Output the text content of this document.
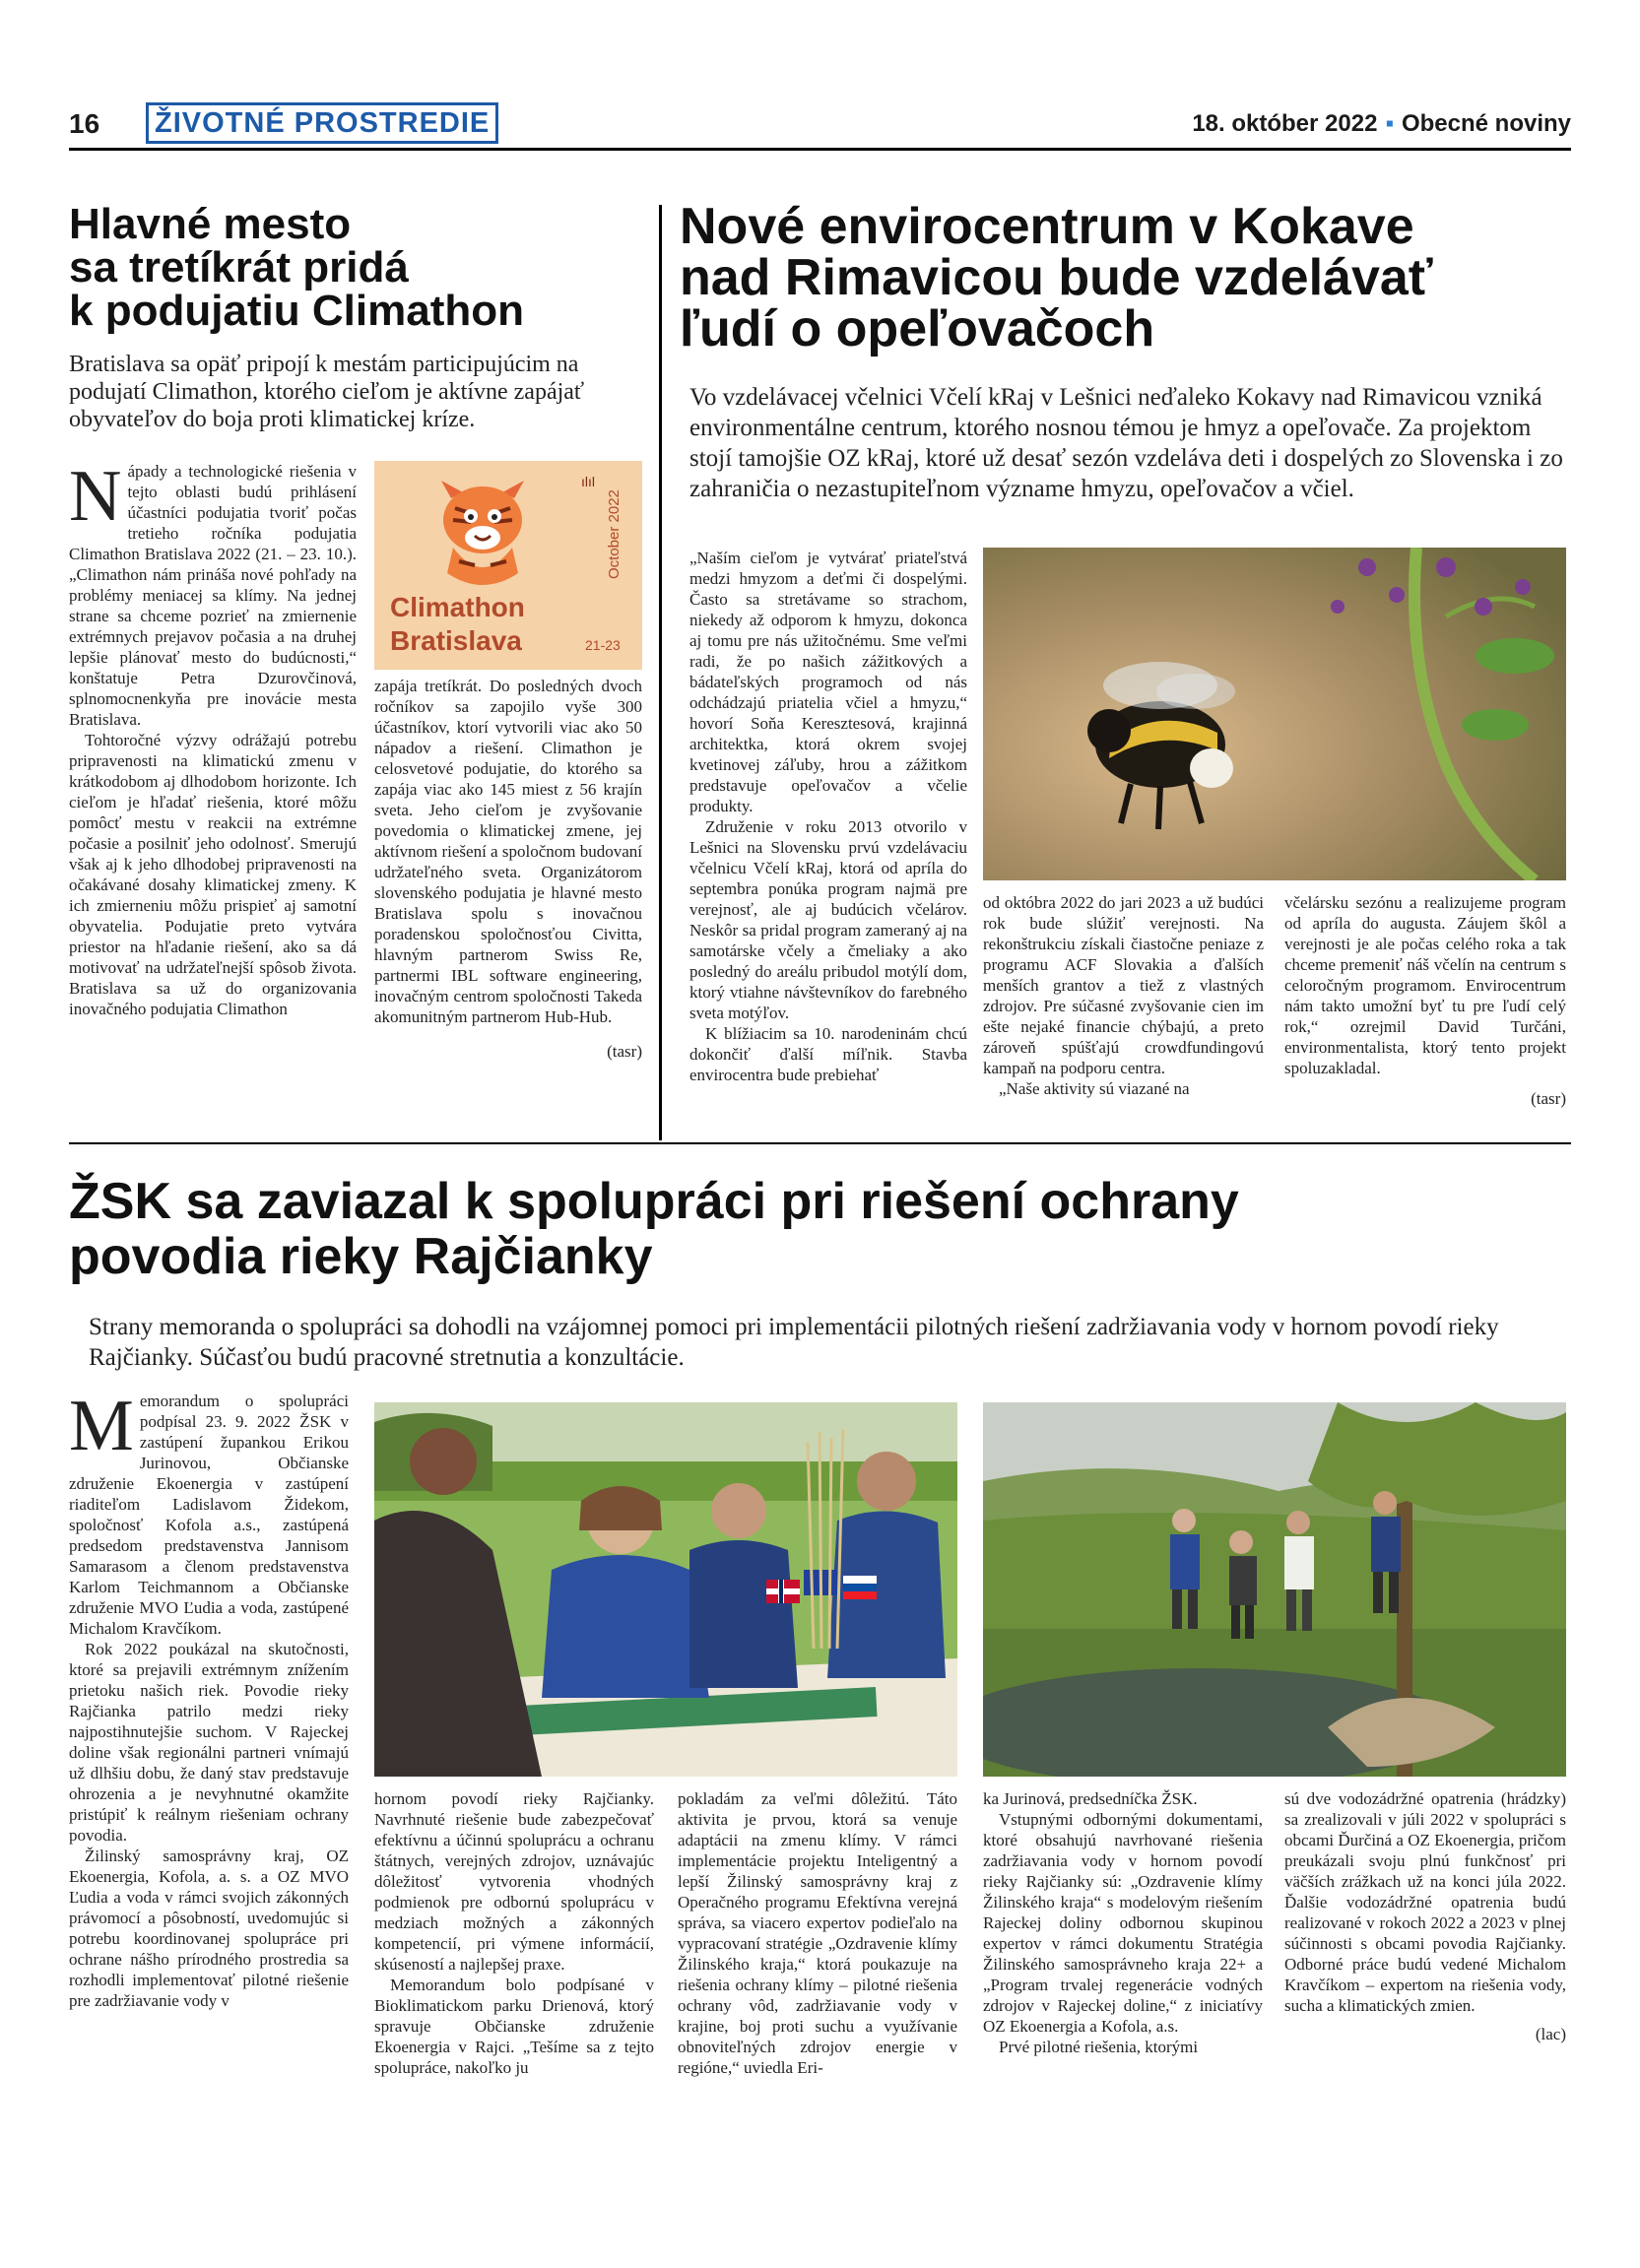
16	ŽIVOTNÉ PROSTREDIE	18. október 2022 ▪ Obecné noviny
Hlavné mesto
sa tretíkrát pridá
k podujatiu Climathon
Bratislava sa opäť pripojí k mestám participujúcim na podujatí Climathon, ktorého cieľom je aktívne zapájať obyvateľov do boja proti klimatickej kríze.

Nápady a technologické riešenia v tejto oblasti budú prihlásení účastníci podujatia tvoriť počas tretieho ročníka podujatia Climathon Bratislava 2022 (21. – 23. 10.). „Climathon nám prináša nové pohľady na problémy meniacej sa klímy. Na jednej strane sa chceme pozrieť na zmiernenie extrémnych prejavov počasia a na druhej lepšie plánovať mesto do budúcnosti,“ konštatuje Petra Dzurovčinová, splnomocnenkyňa pre inovácie mesta Bratislava.

Tohtoročné výzvy odrážajú potrebu pripravenosti na klimatickú zmenu v krátkodobom aj dlhodobom horizonte. Ich cieľom je hľadať riešenia, ktoré môžu pomôcť mestu v reakcii na extrémne počasie a posilniť jeho odolnosť. Smerujú však aj k jeho dlhodobej pripravenosti na očakávané dosahy klimatickej zmeny. K ich zmierneniu môžu prispieť aj samotní obyvatelia. Podujatie preto vytvára priestor na hľadanie riešení, ako sa dá motivovať na udržateľnejší spôsob života. Bratislava sa už do organizovania inovačného podujatia Climathon

ılıl
October 2022
Climathon
Bratislava	21-23

zapája tretíkrát. Do posledných dvoch ročníkov sa zapojilo vyše 300 účastníkov, ktorí vytvorili viac ako 50 nápadov a riešení. Climathon je celosvetové podujatie, do ktorého sa zapája viac ako 145 miest z 56 krajín sveta. Jeho cieľom je zvyšovanie povedomia o klimatickej zmene, jej aktívnom riešení a spoločnom budovaní udržateľného sveta. Organizátorom slovenského podujatia je hlavné mesto Bratislava spolu s inovačnou poradenskou spoločnosťou Civitta, hlavným partnerom Swiss Re, partnermi IBL software engineering, inovačným centrom spoločnosti Takeda akomunitným partnerom Hub-Hub.

(tasr)
Nové envirocentrum v Kokave
nad Rimavicou bude vzdelávať
ľudí o opeľovačoch
Vo vzdelávacej včelnici Včelí kRaj v Lešnici neďaleko Kokavy nad Rimavicou vzniká environmentálne centrum, ktorého nosnou témou je hmyz a opeľovače. Za projektom stojí tamojšie OZ kRaj, ktoré už desať sezón vzdeláva deti i dospelých zo Slovenska i zo zahraničia o nezastupiteľnom význame hmyzu, opeľovačov a včiel.

„Naším cieľom je vytvárať priateľstvá medzi hmyzom a deťmi či dospelými. Často sa stretávame so strachom, niekedy až odporom k hmyzu, dokonca aj tomu pre nás užitočnému. Sme veľmi radi, že po našich zážitkových a bádateľských programoch od nás odchádzajú priatelia včiel a hmyzu,“ hovorí Soňa Keresztesová, krajinná architektka, ktorá okrem svojej kvetinovej záľuby, hrou a zážitkom predstavuje opeľovačov a včelie produkty.

Združenie v roku 2013 otvorilo v Lešnici na Slovensku prvú vzdelávaciu včelnicu Včelí kRaj, ktorá od apríla do septembra ponúka program najmä pre verejnosť, ale aj budúcich včelárov. Neskôr sa pridal program zameraný aj na samotárske včely a čmeliaky a ako posledný do areálu pribudol motýlí dom, ktorý vtiahne návštevníkov do farebného sveta motýľov.

K blížiacim sa 10. narodeninám chcú dokončiť ďalší míľnik. Stavba envirocentra bude prebiehať

od októbra 2022 do jari 2023 a už budúci rok bude slúžiť verejnosti. Na rekonštrukciu získali čiastočne peniaze z programu ACF Slovakia a ďalších menších grantov a tiež z vlastných zdrojov. Pre súčasné zvyšovanie cien im ešte nejaké financie chýbajú, a preto zároveň spúšťajú crowdfundingovú kampaň na podporu centra.

„Naše aktivity sú viazané na

včelársku sezónu a realizujeme program od apríla do augusta. Záujem škôl a verejnosti je ale počas celého roka a tak chceme premeniť náš včelín na centrum s celoročným programom. Envirocentrum nám takto umožní byť tu pre ľudí celý rok,“ ozrejmil David Turčáni, environmentalista, ktorý tento projekt spoluzakladal.

(tasr)
ŽSK sa zaviazal k spolupráci pri riešení ochrany
povodia rieky Rajčianky
Strany memoranda o spolupráci sa dohodli na vzájomnej pomoci pri implementácii pilotných riešení zadržiavania vody v hornom povodí rieky Rajčianky. Súčasťou budú pracovné stretnutia a konzultácie.

Memorandum o spolupráci podpísal 23. 9. 2022 ŽSK v zastúpení župankou Erikou Jurinovou, Občianske združenie Ekoenergia v zastúpení riaditeľom Ladislavom Židekom, spoločnosť Kofola a.s., zastúpená predsedom predstavenstva Jannisom Samarasom a členom predstavenstva Karlom Teichmannom a Občianske združenie MVO Ľudia a voda, zastúpené Michalom Kravčíkom.

Rok 2022 poukázal na skutočnosti, ktoré sa prejavili extrémnym znížením prietoku našich riek. Povodie rieky Rajčianka patrilo medzi rieky najpostihnutejšie suchom. V Rajeckej doline však regionálni partneri vnímajú už dlhšiu dobu, že daný stav predstavuje ohrozenia a je nevyhnutné okamžite pristúpiť k reálnym riešeniam ochrany povodia.

Žilinský samosprávny kraj, OZ Ekoenergia, Kofola, a. s. a OZ MVO Ľudia a voda v rámci svojich zákonných právomocí a pôsobností, uvedomujúc si potrebu koordinovanej spolupráce pri ochrane nášho prírodného prostredia sa rozhodli implementovať pilotné riešenie pre zadržiavanie vody v

hornom povodí rieky Rajčianky. Navrhnuté riešenie bude zabezpečovať efektívnu a účinnú spoluprácu a ochranu štátnych, verejných zdrojov, uznávajúc dôležitosť vytvorenia vhodných podmienok pre odbornú spoluprácu v medziach možných a zákonných kompetencií, pri výmene informácií, skúseností a najlepšej praxe.

Memorandum bolo podpísané v Bioklimatickom parku Drienová, ktorý spravuje Občianske združenie Ekoenergia v Rajci. „Tešíme sa z tejto spolupráce, nakoľko ju

pokladám za veľmi dôležitú. Táto aktivita je prvou, ktorá sa venuje adaptácii na zmenu klímy. V rámci implementácie projektu Inteligentný a lepší Žilinský samosprávny kraj z Operačného programu Efektívna verejná správa, sa viacero expertov podieľalo na vypracovaní stratégie „Ozdravenie klímy Žilinského kraja,“ ktorá poukazuje na riešenia ochrany klímy – pilotné riešenia ochrany vôd, zadržiavanie vody v krajine, boj proti suchu a využívanie obnoviteľných zdrojov energie v regióne,“ uviedla Eri-

ka Jurinová, predsedníčka ŽSK.

Vstupnými odbornými dokumentami, ktoré obsahujú navrhované riešenia zadržiavania vody v hornom povodí rieky Rajčianky sú: „Ozdravenie klímy Žilinského kraja“ s modelovým riešením Rajeckej doliny odbornou skupinou expertov v rámci dokumentu Stratégia Žilinského samosprávneho kraja 22+ a „Program trvalej regenerácie vodných zdrojov v Rajeckej doline,“ z iniciatívy OZ Ekoenergia a Kofola, a.s.

Prvé pilotné riešenia, ktorými

sú dve vodozádržné opatrenia (hrádzky) sa zrealizovali v júli 2022 v spolupráci s obcami Ďurčiná a OZ Ekoenergia, pričom preukázali svoju plnú funkčnosť pri väčších zrážkach už na konci júla 2022. Ďalšie vodozádržné opatrenia budú realizované v rokoch 2022 a 2023 v plnej súčinnosti s obcami povodia Rajčianky. Odborné práce budú vedené Michalom Kravčíkom – expertom na riešenia vody, sucha a klimatických zmien.

(lac)
